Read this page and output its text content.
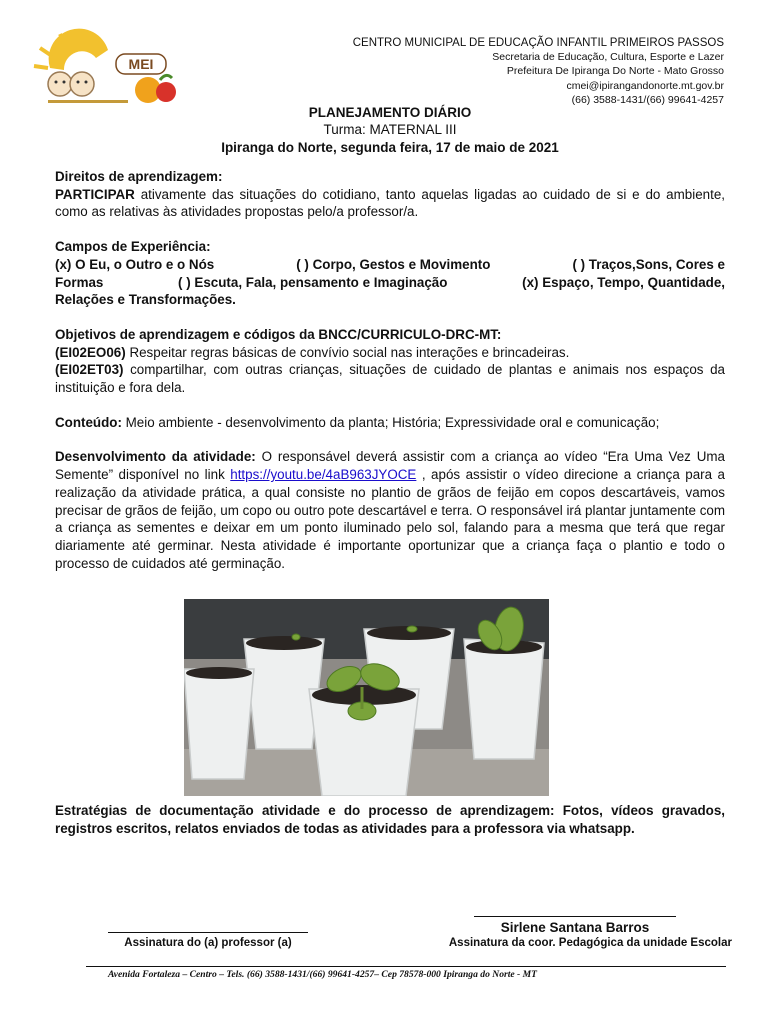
MEI
CENTRO MUNICIPAL DE EDUCAÇÃO INFANTIL PRIMEIROS PASSOS
Secretaria de Educação, Cultura, Esporte e Lazer
Prefeitura De Ipiranga Do Norte - Mato Grosso
cmei@ipirangandonorte.mt.gov.br
(66) 3588-1431/(66) 99641-4257
PLANEJAMENTO DIÁRIO
Turma: MATERNAL III
Ipiranga do Norte, segunda feira, 17 de maio de 2021

Direitos de aprendizagem:

PARTICIPAR ativamente das situações do cotidiano, tanto aquelas ligadas ao cuidado de si e do ambiente, como as relativas às atividades propostas pelo/a professor/a.

Campos de Experiência:

(x) O Eu, o Outro e o Nós	( ) Corpo, Gestos e Movimento	( ) Traços,Sons, Cores e
Formas	( ) Escuta, Fala, pensamento e Imaginação	(x) Espaço, Tempo, Quantidade,
Relações e Transformações.

Objetivos de aprendizagem e códigos da BNCC/CURRICULO-DRC-MT:

(EI02EO06) Respeitar regras básicas de convívio social nas interações e brincadeiras.

(EI02ET03) compartilhar, com outras crianças, situações de cuidado de plantas e animais nos espaços da instituição e fora dela.

Conteúdo: Meio ambiente - desenvolvimento da planta; História; Expressividade oral e comunicação;

Desenvolvimento da atividade: O responsável deverá assistir com a criança ao vídeo “Era Uma Vez Uma Semente” disponível no link https://youtu.be/4aB963JYOCE , após assistir o vídeo direcione a criança para a realização da atividade prática, a qual consiste no plantio de grãos de feijão em copos descartáveis, vamos precisar de grãos de feijão, um copo ou outro pote descartável e terra. O responsável irá plantar juntamente com a criança as sementes e deixar em um ponto iluminado pelo sol, falando para a mesma que terá que regar diariamente até germinar. Nesta atividade é importante oportunizar que a criança faça o plantio e todo o processo de cuidados até germinação.

Estratégias de documentação atividade e do processo de aprendizagem: Fotos, vídeos gravados, registros escritos, relatos enviados de todas as atividades para a professora via whatsapp.
Assinatura do (a) professor (a)
Sirlene Santana Barros
Assinatura da coor. Pedagógica da unidade Escolar
Avenida Fortaleza – Centro – Tels. (66) 3588-1431/(66) 99641-4257– Cep 78578-000 Ipiranga do Norte - MT
